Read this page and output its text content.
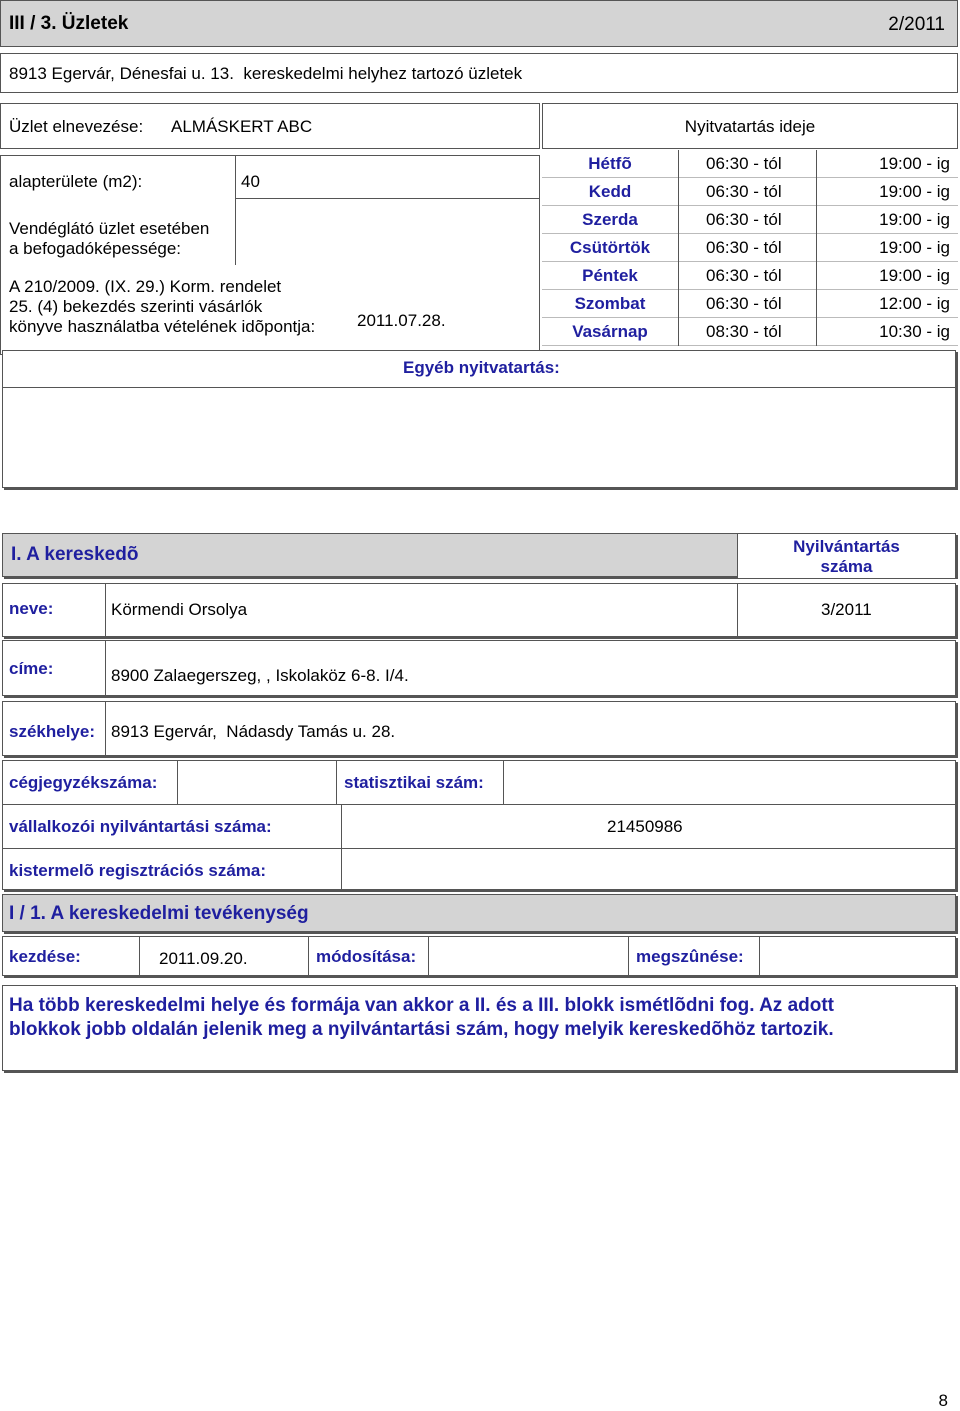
III / 3. Üzletek	2/2011
8913 Egervár, Dénesfai u. 13.  kereskedelmi helyhez tartozó üzletek
Üzlet elnevezése: ALMÁSKERT ABC
alapterülete (m2):	40
Vendéglátó üzlet esetében
a befogadóképessége:
A 210/2009. (IX. 29.) Korm. rendelet
25. (4) bekezdés szerinti vásárlók
könyve használatba vételének idõpontja: 2011.07.28.
Nyitvatartás ideje
Hétfõ	06:30 - tól	19:00 - ig
Kedd	06:30 - tól	19:00 - ig
Szerda	06:30 - tól	19:00 - ig
Csütörtök	06:30 - tól	19:00 - ig
Péntek	06:30 - tól	19:00 - ig
Szombat	06:30 - tól	12:00 - ig
Vasárnap	08:30 - tól	10:30 - ig
Egyéb nyitvatartás:
I. A kereskedõ	Nyilvántartás
száma
neve:	Körmendi Orsolya	3/2011
címe:	8900 Zalaegerszeg, , Iskolaköz 6-8. I/4.
székhelye: 8913 Egervár,  Nádasdy Tamás u. 28.
cégjegyzékszáma:	statisztikai szám:
vállalkozói nyilvántartási száma:	21450986
kistermelõ regisztrációs száma:
I / 1. A kereskedelmi tevékenység
kezdése:	2011.09.20.	módosítása:	megszûnése:
Ha több kereskedelmi helye és formája van akkor a II. és a III. blokk ismétlõdni fog. Az adott blokkok jobb oldalán jelenik meg a nyilvántartási szám, hogy melyik kereskedõhöz tartozik.
8
